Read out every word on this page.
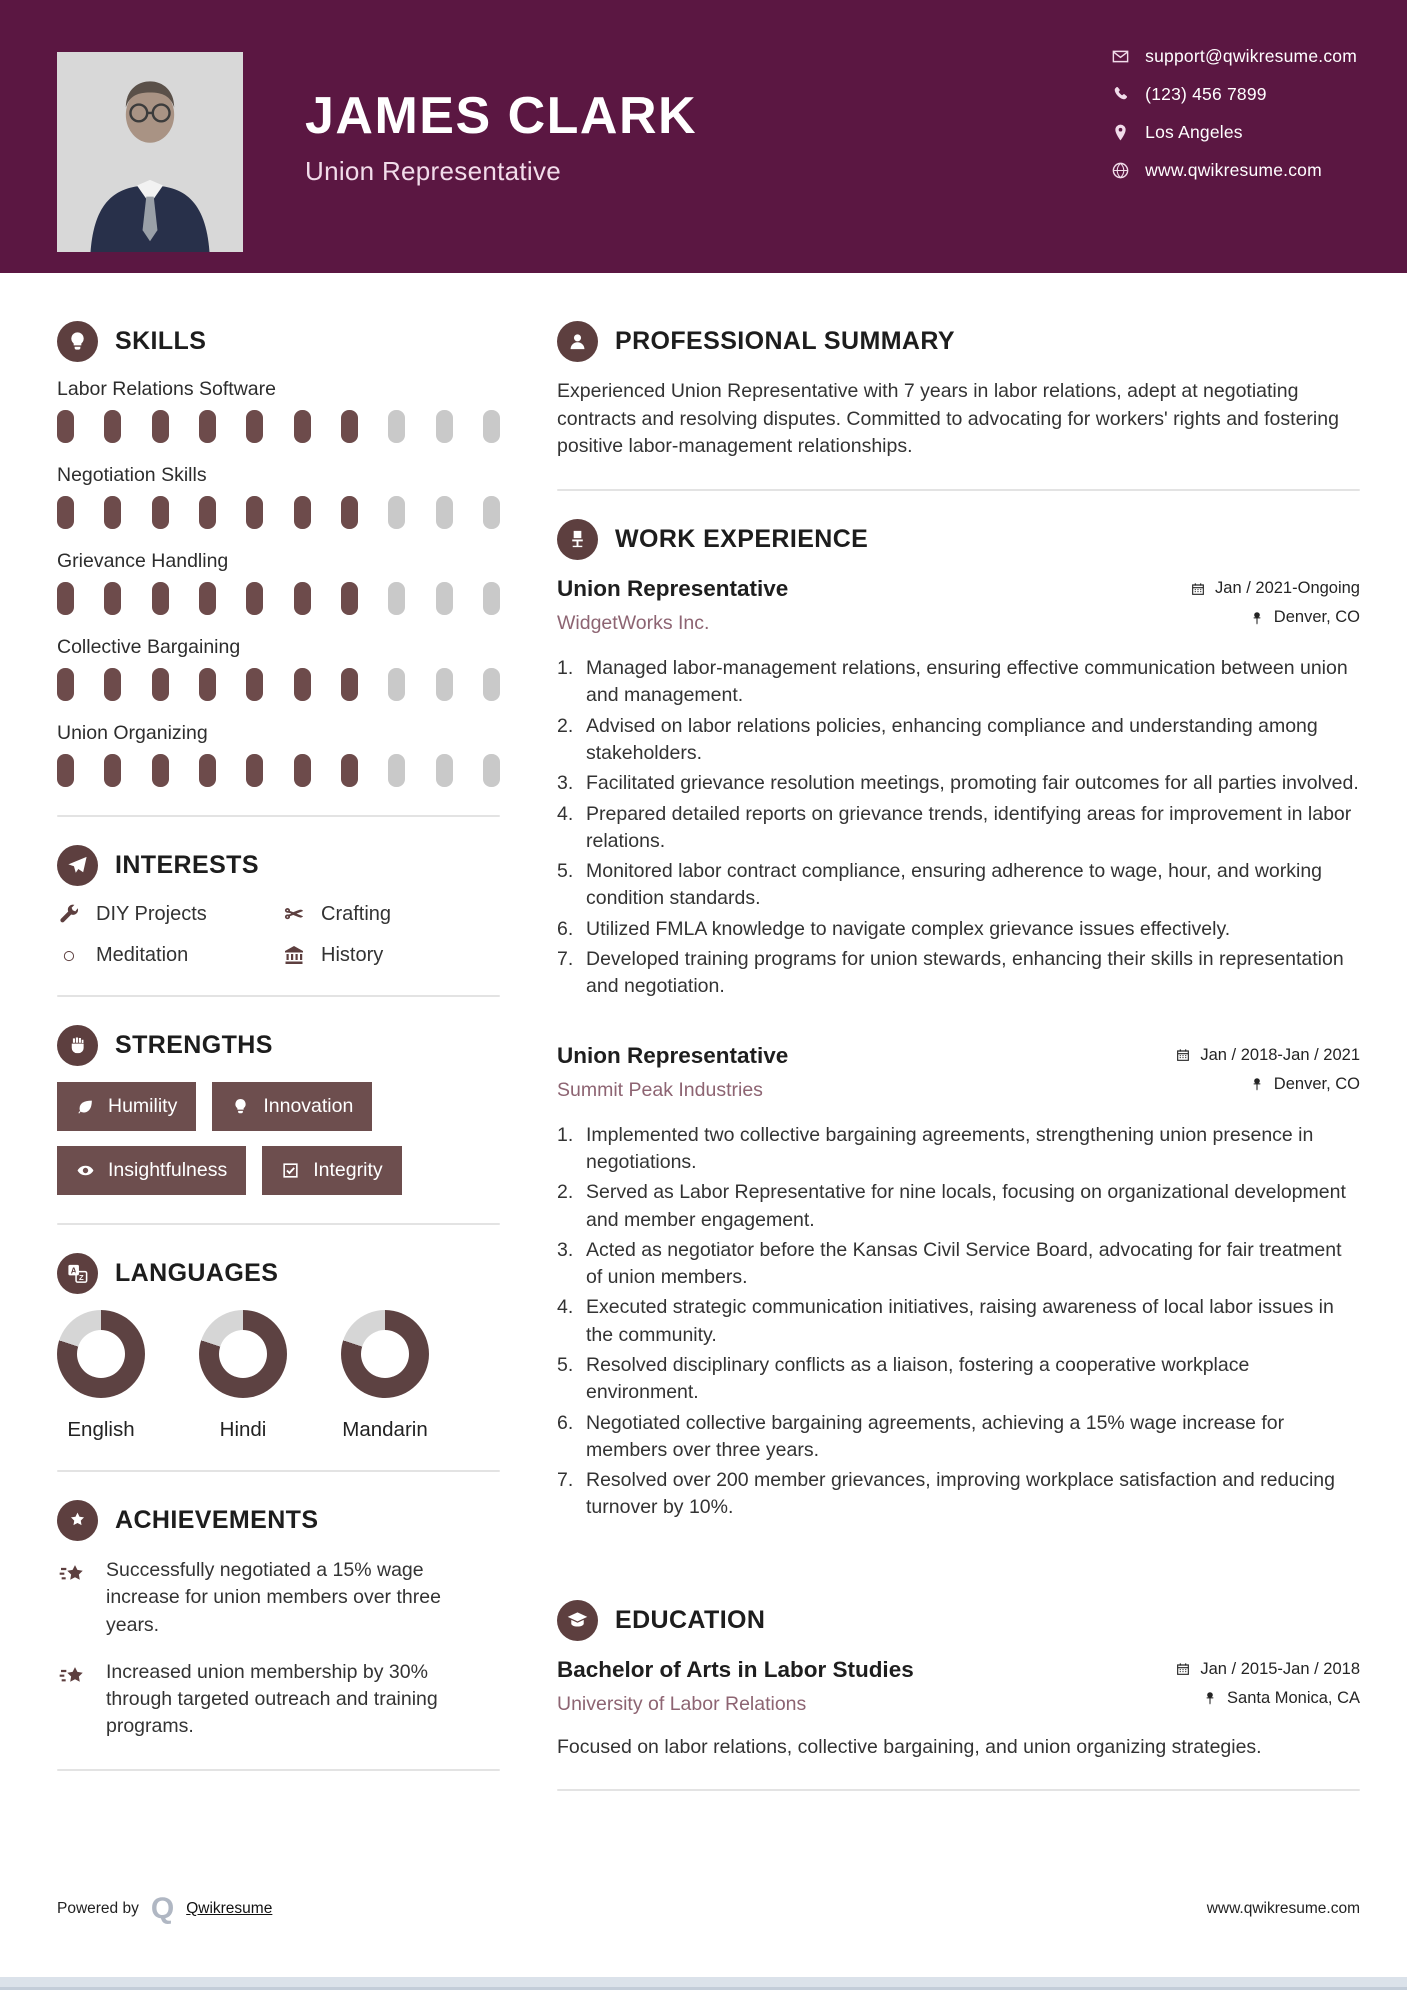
JAMES CLARK
Union Representative
support@qwikresume.com
(123) 456 7899
Los Angeles
www.qwikresume.com
SKILLS
Labor Relations Software
Negotiation Skills
Grievance Handling
Collective Bargaining
Union Organizing
INTERESTS
DIY Projects	✂ Crafting
○ Meditation	History
STRENGTHS
Humility	Innovation
Insightfulness	Integrity
A
Z LANGUAGES
English	Hindi	Mandarin
ACHIEVEMENTS
Successfully negotiated a 15% wage increase for union members over three years.
Increased union membership by 30% through targeted outreach and training programs.
PROFESSIONAL SUMMARY

Experienced Union Representative with 7 years in labor relations, adept at negotiating contracts and resolving disputes. Committed to advocating for workers' rights and fostering positive labor-management relationships.

WORK EXPERIENCE
Union Representative
WidgetWorks Inc.
Jan / 2021-Ongoing
Denver, CO
1. Managed labor-management relations, ensuring effective communication between union and management.
2. Advised on labor relations policies, enhancing compliance and understanding among stakeholders.
3. Facilitated grievance resolution meetings, promoting fair outcomes for all parties involved.
4. Prepared detailed reports on grievance trends, identifying areas for improvement in labor relations.
5. Monitored labor contract compliance, ensuring adherence to wage, hour, and working condition standards.
6. Utilized FMLA knowledge to navigate complex grievance issues effectively.
7. Developed training programs for union stewards, enhancing their skills in representation and negotiation.
Union Representative
Summit Peak Industries
Jan / 2018-Jan / 2021
Denver, CO
1. Implemented two collective bargaining agreements, strengthening union presence in negotiations.
2. Served as Labor Representative for nine locals, focusing on organizational development and member engagement.
3. Acted as negotiator before the Kansas Civil Service Board, advocating for fair treatment of union members.
4. Executed strategic communication initiatives, raising awareness of local labor issues in the community.
5. Resolved disciplinary conflicts as a liaison, fostering a cooperative workplace environment.
6. Negotiated collective bargaining agreements, achieving a 15% wage increase for members over three years.
7. Resolved over 200 member grievances, improving workplace satisfaction and reducing turnover by 10%.
EDUCATION
Bachelor of Arts in Labor Studies
University of Labor Relations
Jan / 2015-Jan / 2018
Santa Monica, CA

Focused on labor relations, collective bargaining, and union organizing strategies.

Powered by Q Qwikresume	www.qwikresume.com
